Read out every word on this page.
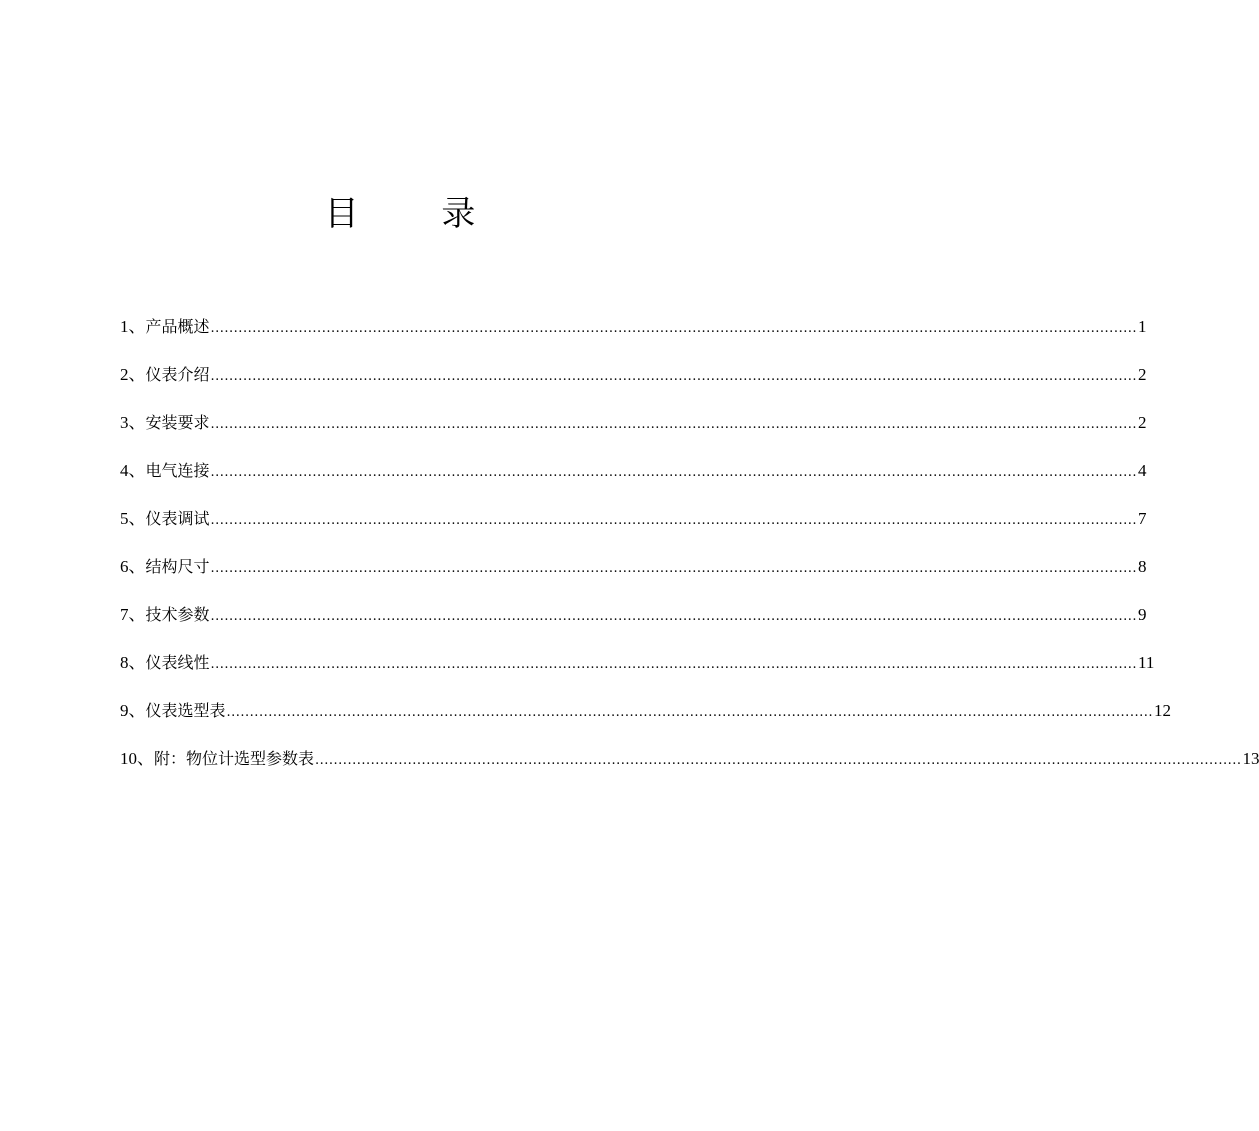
目 录
1、产品概述 ........................................................................................................................................................................................................ 1
2、仪表介绍 ........................................................................................................................................................................................................ 2
3、安装要求 ........................................................................................................................................................................................................ 2
4、电气连接 ........................................................................................................................................................................................................ 4
5、仪表调试 ........................................................................................................................................................................................................ 7
6、结构尺寸 ........................................................................................................................................................................................................ 8
7、技术参数 ........................................................................................................................................................................................................ 9
8、仪表线性 ........................................................................................................................................................................................................ 11
9、仪表选型表 ........................................................................................................................................................................................................ 12
10、附：物位计选型参数表 ........................................................................................................................................................................................................ 13
